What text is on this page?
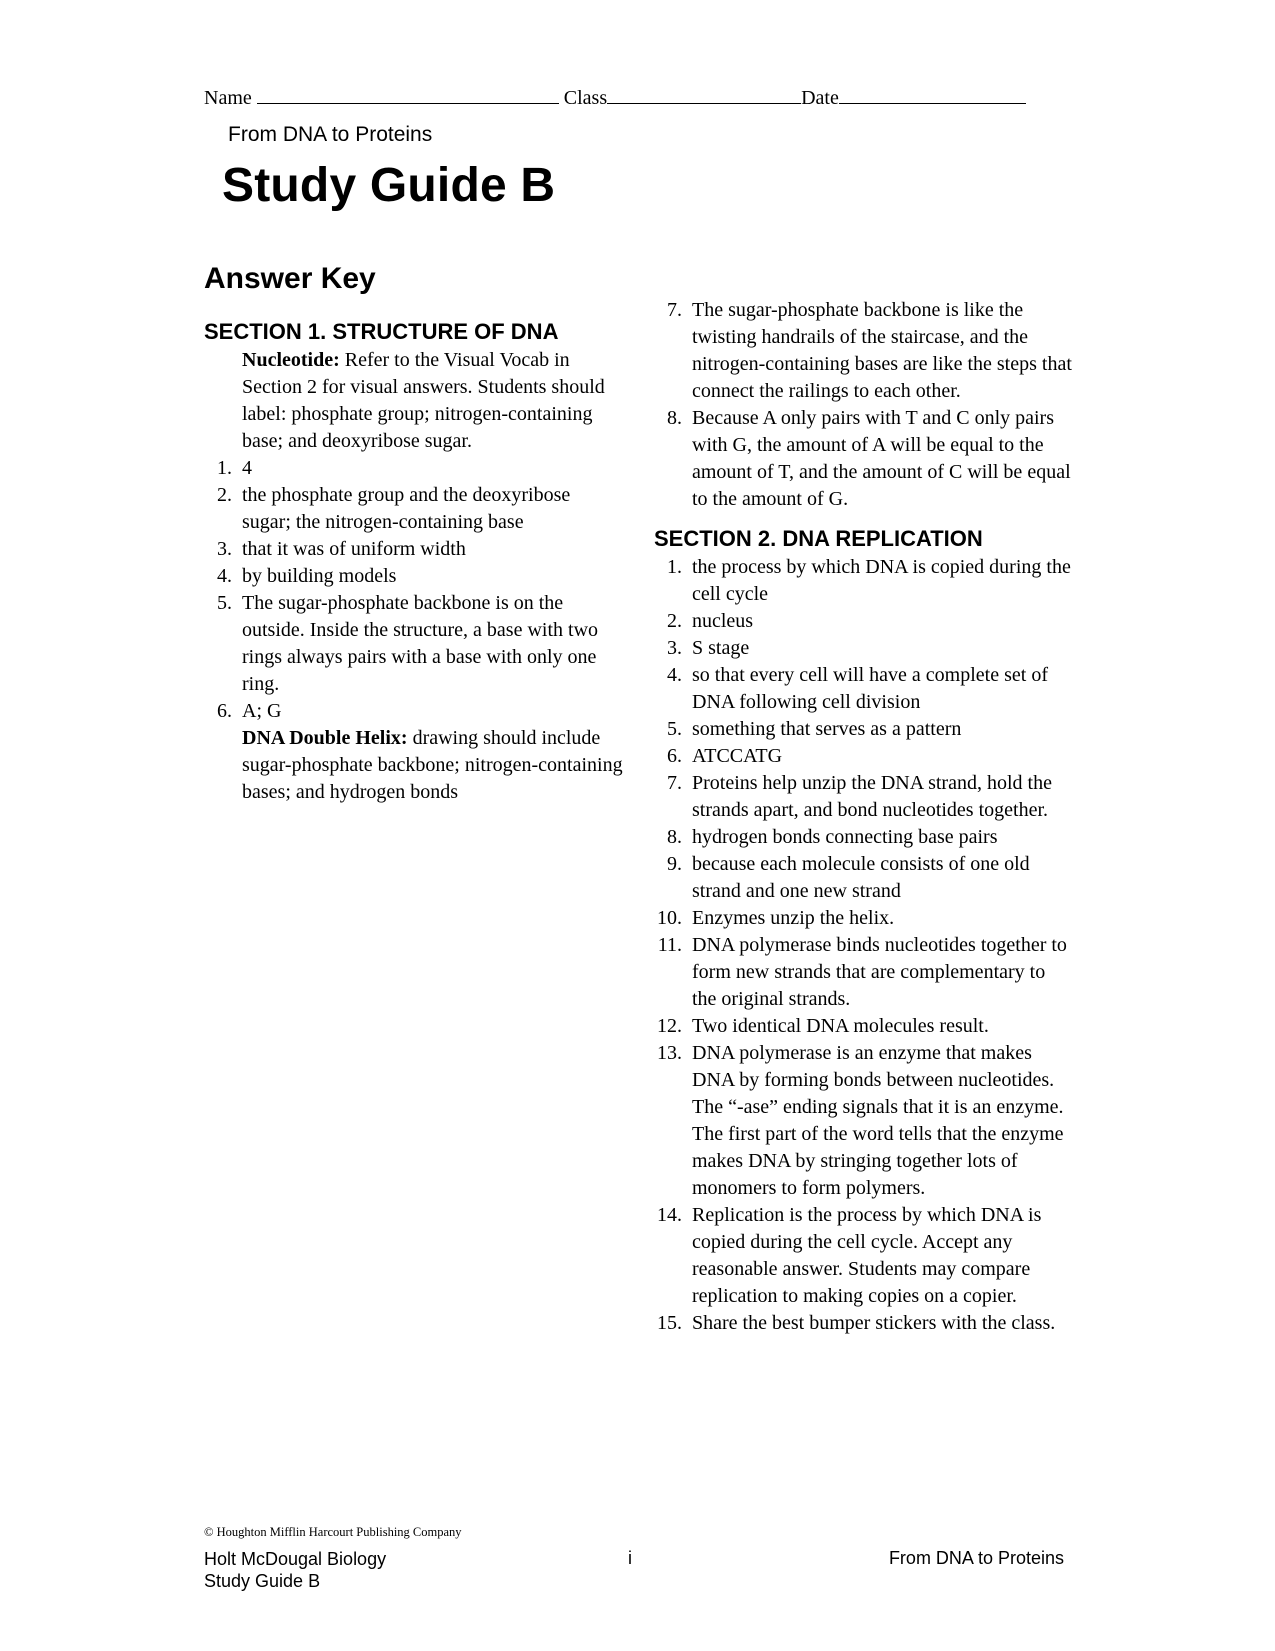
Name	Class	Date
From DNA to Proteins
Study Guide B
Answer Key
SECTION 1. STRUCTURE OF DNA
Nucleotide: Refer to the Visual Vocab in Section 2 for visual answers. Students should label: phosphate group; nitrogen-containing base; and deoxyribose sugar.
1. 4
2. the phosphate group and the deoxyribose sugar; the nitrogen-containing base
3. that it was of uniform width
4. by building models
5. The sugar-phosphate backbone is on the outside. Inside the structure, a base with two rings always pairs with a base with only one ring.
6. A; G
DNA Double Helix: drawing should include sugar-phosphate backbone; nitrogen-containing bases; and hydrogen bonds
7. The sugar-phosphate backbone is like the twisting handrails of the staircase, and the nitrogen-containing bases are like the steps that connect the railings to each other.
8. Because A only pairs with T and C only pairs with G, the amount of A will be equal to the amount of T, and the amount of C will be equal to the amount of G.
SECTION 2. DNA REPLICATION
1. the process by which DNA is copied during the cell cycle
2. nucleus
3. S stage
4. so that every cell will have a complete set of DNA following cell division
5. something that serves as a pattern
6. ATCCATG
7. Proteins help unzip the DNA strand, hold the strands apart, and bond nucleotides together.
8. hydrogen bonds connecting base pairs
9. because each molecule consists of one old strand and one new strand
10. Enzymes unzip the helix.
11. DNA polymerase binds nucleotides together to form new strands that are complementary to the original strands.
12. Two identical DNA molecules result.
13. DNA polymerase is an enzyme that makes DNA by forming bonds between nucleotides. The “-ase” ending signals that it is an enzyme. The first part of the word tells that the enzyme makes DNA by stringing together lots of monomers to form polymers.
14. Replication is the process by which DNA is copied during the cell cycle. Accept any reasonable answer. Students may compare replication to making copies on a copier.
15. Share the best bumper stickers with the class.
© Houghton Mifflin Harcourt Publishing Company
Holt McDougal Biology
Study Guide B
i	From DNA to Proteins
